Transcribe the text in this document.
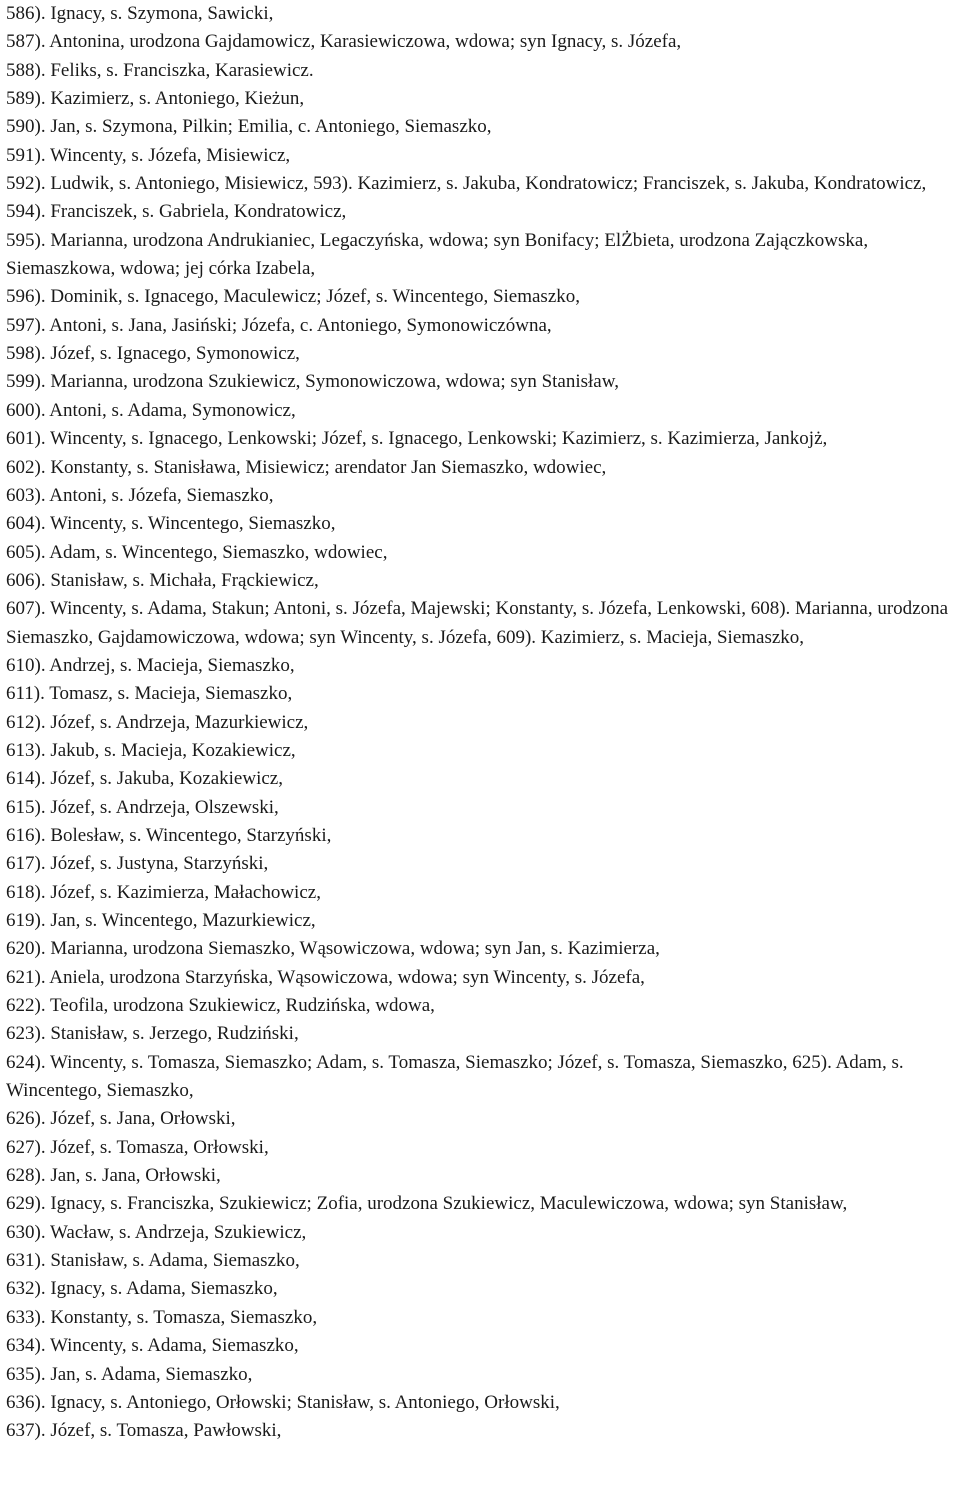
586). Ignacy, s. Szymona, Sawicki,
587). Antonina, urodzona Gajdamowicz, Karasiewiczowa, wdowa; syn Ignacy, s. Józefa,
588). Feliks, s. Franciszka, Karasiewicz.
589). Kazimierz, s. Antoniego, Kieżun,
590). Jan, s. Szymona, Pilkin; Emilia, c. Antoniego, Siemaszko,
591). Wincenty, s. Józefa, Misiewicz,
592). Ludwik, s. Antoniego, Misiewicz, 593). Kazimierz, s. Jakuba, Kondratowicz; Franciszek, s. Jakuba, Kondratowicz,
594). Franciszek, s. Gabriela, Kondratowicz,
595). Marianna, urodzona Andrukianiec, Legaczyńska, wdowa; syn Bonifacy; ElŻbieta, urodzona Zajączkowska, Siemaszkowa, wdowa; jej córka Izabela,
596). Dominik, s. Ignacego, Maculewicz; Józef, s. Wincentego, Siemaszko,
597). Antoni, s. Jana, Jasiński; Józefa, c. Antoniego, Symonowiczówna,
598). Józef, s. Ignacego, Symonowicz,
599). Marianna, urodzona Szukiewicz, Symonowiczowa, wdowa; syn Stanisław,
600). Antoni, s. Adama, Symonowicz,
601). Wincenty, s. Ignacego, Lenkowski; Józef, s. Ignacego, Lenkowski; Kazimierz, s. Kazimierza, Jankojż,
602). Konstanty, s. Stanisława, Misiewicz; arendator Jan Siemaszko, wdowiec,
603). Antoni, s. Józefa, Siemaszko,
604). Wincenty, s. Wincentego, Siemaszko,
605). Adam, s. Wincentego, Siemaszko, wdowiec,
606). Stanisław, s. Michała, Frąckiewicz,
607). Wincenty, s. Adama, Stakun; Antoni, s. Józefa, Majewski; Konstanty, s. Józefa, Lenkowski, 608). Marianna, urodzona Siemaszko, Gajdamowiczowa, wdowa; syn Wincenty, s. Józefa, 609). Kazimierz, s. Macieja, Siemaszko,
610). Andrzej, s. Macieja, Siemaszko,
611). Tomasz, s. Macieja, Siemaszko,
612). Józef, s. Andrzeja, Mazurkiewicz,
613). Jakub, s. Macieja, Kozakiewicz,
614). Józef, s. Jakuba, Kozakiewicz,
615). Józef, s. Andrzeja, Olszewski,
616). Bolesław, s. Wincentego, Starzyński,
617). Józef, s. Justyna, Starzyński,
618). Józef, s. Kazimierza, Małachowicz,
619). Jan, s. Wincentego, Mazurkiewicz,
620). Marianna, urodzona Siemaszko, Wąsowiczowa, wdowa; syn Jan, s. Kazimierza,
621). Aniela, urodzona Starzyńska, Wąsowiczowa, wdowa; syn Wincenty, s. Józefa,
622). Teofila, urodzona Szukiewicz, Rudzińska, wdowa,
623). Stanisław, s. Jerzego, Rudziński,
624). Wincenty, s. Tomasza, Siemaszko; Adam, s. Tomasza, Siemaszko; Józef, s. Tomasza, Siemaszko, 625). Adam, s. Wincentego, Siemaszko,
626). Józef, s. Jana, Orłowski,
627). Józef, s. Tomasza, Orłowski,
628). Jan, s. Jana, Orłowski,
629). Ignacy, s. Franciszka, Szukiewicz; Zofia, urodzona Szukiewicz, Maculewiczowa, wdowa; syn Stanisław,
630). Wacław, s. Andrzeja, Szukiewicz,
631). Stanisław, s. Adama, Siemaszko,
632). Ignacy, s. Adama, Siemaszko,
633). Konstanty, s. Tomasza, Siemaszko,
634). Wincenty, s. Adama, Siemaszko,
635). Jan, s. Adama, Siemaszko,
636). Ignacy, s. Antoniego, Orłowski; Stanisław, s. Antoniego, Orłowski,
637). Józef, s. Tomasza, Pawłowski,
